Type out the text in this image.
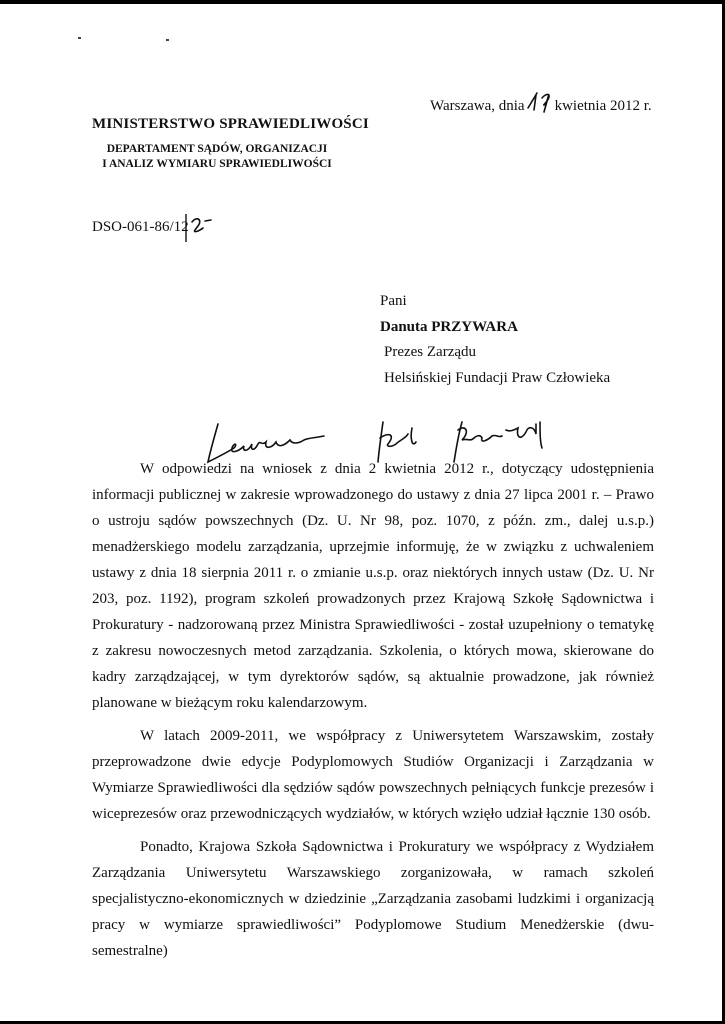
Warszawa, dnia kwietnia 2012 r.
MINISTERSTWO SPRAWIEDLIWOŚCI
DEPARTAMENT SĄDÓW, ORGANIZACJI
I ANALIZ WYMIARU SPRAWIEDLIWOŚCI
DSO-061-86/12
Pani
Danuta PRZYWARA
Prezes Zarządu
Helsińskiej Fundacji Praw Człowieka

W odpowiedzi na wniosek z dnia 2 kwietnia 2012 r., dotyczący udostępnienia informacji publicznej w zakresie wprowadzonego do ustawy z dnia 27 lipca 2001 r. – Prawo o ustroju sądów powszechnych (Dz. U. Nr 98, poz. 1070, z późn. zm., dalej u.s.p.) menadżerskiego modelu zarządzania, uprzejmie informuję, że w związku z uchwaleniem ustawy z dnia 18 sierpnia 2011 r. o zmianie u.s.p. oraz niektórych innych ustaw (Dz. U. Nr 203, poz. 1192), program szkoleń prowadzonych przez Krajową Szkołę Sądownictwa i Prokuratury - nadzorowaną przez Ministra Sprawiedliwości - został uzupełniony o tematykę z zakresu nowoczesnych metod zarządzania. Szkolenia, o których mowa, skierowane do kadry zarządzającej, w tym dyrektorów sądów, są aktualnie prowadzone, jak również planowane w bieżącym roku kalendarzowym.

W latach 2009-2011, we współpracy z Uniwersytetem Warszawskim, zostały przeprowadzone dwie edycje Podyplomowych Studiów Organizacji i Zarządzania w Wymiarze Sprawiedliwości dla sędziów sądów powszechnych pełniących funkcje prezesów i wiceprezesów oraz przewodniczących wydziałów, w których wzięło udział łącznie 130 osób.

Ponadto, Krajowa Szkoła Sądownictwa i Prokuratury we współpracy z Wydziałem Zarządzania Uniwersytetu Warszawskiego zorganizowała, w ramach szkoleń specjalistyczno-ekonomicznych w dziedzinie „Zarządzania zasobami ludzkimi i organizacją pracy w wymiarze sprawiedliwości” Podyplomowe Studium Menedżerskie (dwu-semestralne)
